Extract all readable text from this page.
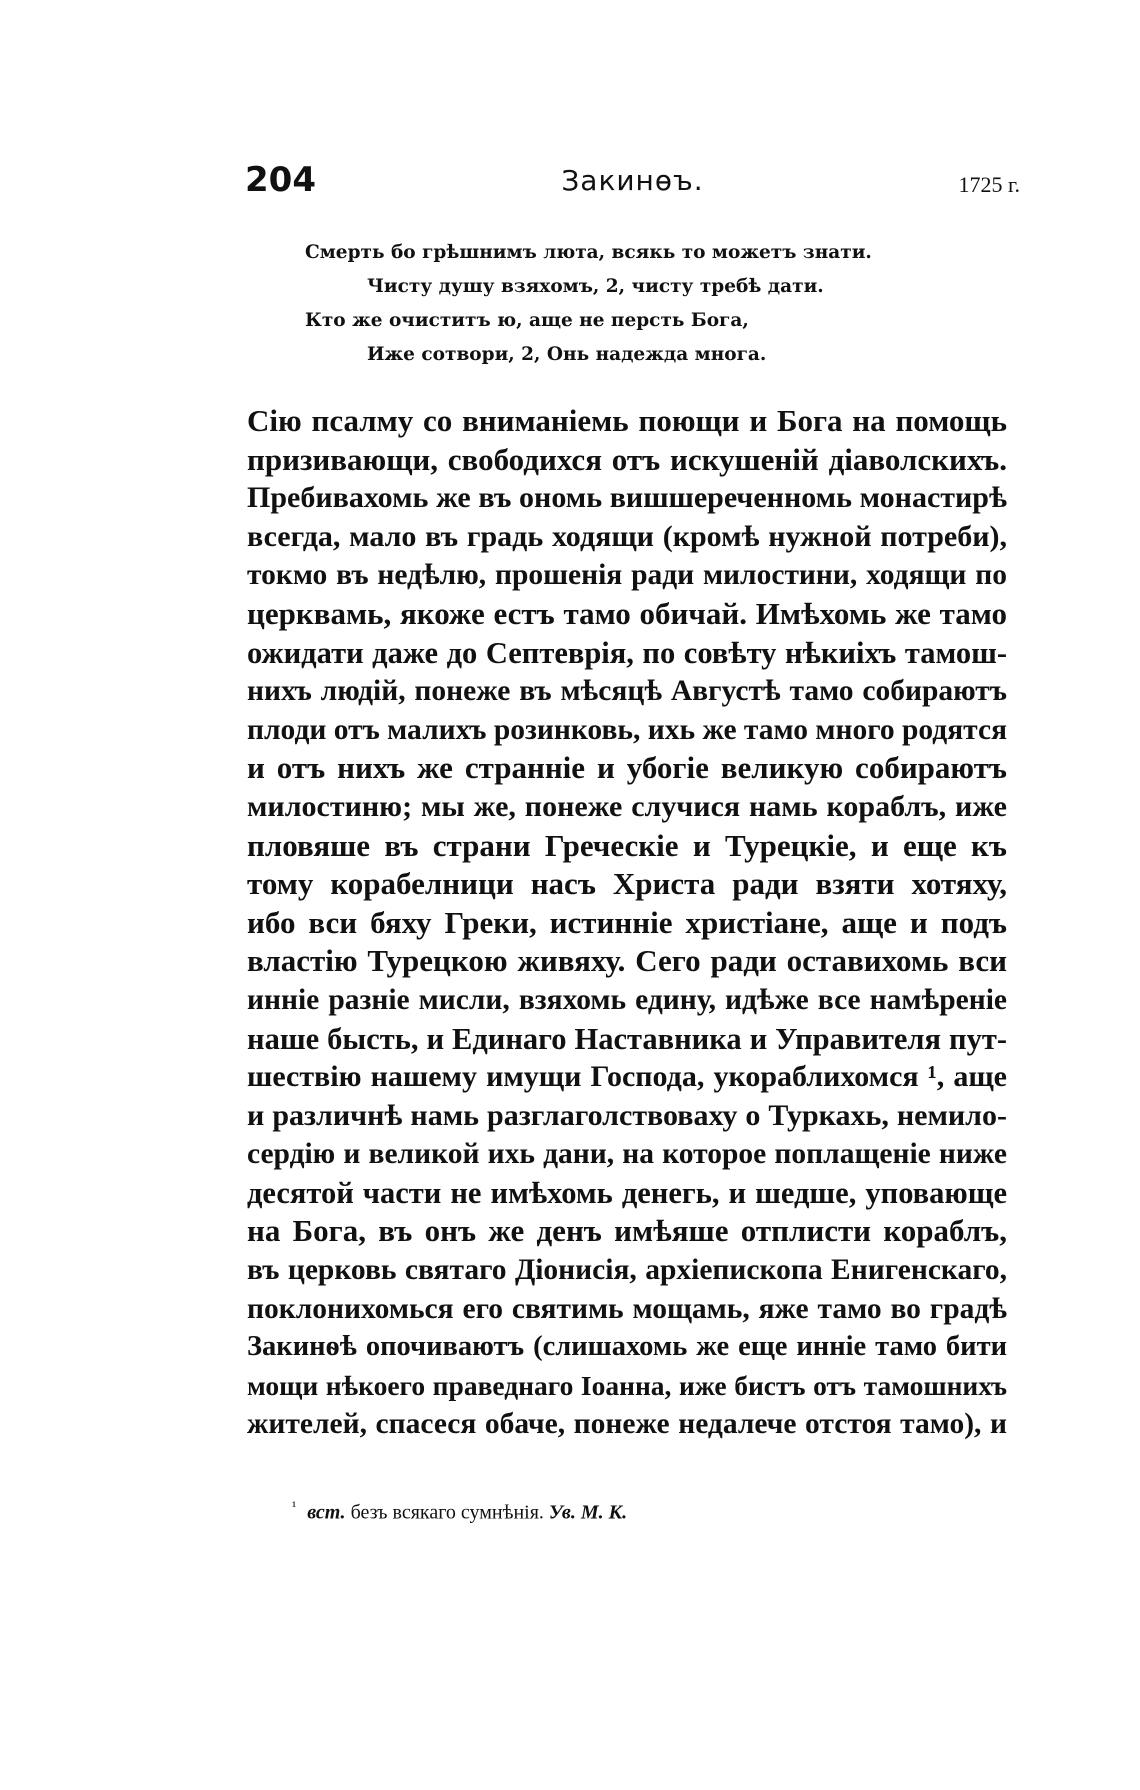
204	Закинѳъ.	1725 г.
Смерть бо грѣшнимъ люта, всякь то можетъ знати.
Чисту душу взяхомъ, 2, чисту требѣ дати.
Кто же очиститъ ю, аще не персть Бога,
Иже сотвори, 2, Онь надежда многа.
Сію псалму со вниманіемь поющи и Бога на помощь
призивающи, свободихся отъ искушеній діаволскихъ.
Пребивахомь же въ ономь вишшереченномь монастирѣ
всегда, мало въ градь ходящи (кромѣ нужной потреби),
токмо въ недѣлю, прошенія ради милостини, ходящи по
церквамь, якоже естъ тамо обичай. Имѣхомь же тамо
ожидати даже до Септеврія, по совѣту нѣкиіхъ тамош-
нихъ людій, понеже въ мѣсяцѣ Августѣ тамо собираютъ
плоди отъ малихъ розинковь, ихь же тамо много родятся
и отъ нихъ же странніе и убогіе великую собираютъ
милостиню; мы же, понеже случися намь кораблъ, иже
пловяше въ страни Греческіе и Турецкіе, и еще къ
тому корабелници насъ Христа ради взяти хотяху,
ибо вси бяху Греки, истинніе христіане, аще и подъ
властію Турецкою живяху. Сего ради оставихомь вси
инніе разніе мисли, взяхомь едину, идѣже все намѣреніе
наше бысть, и Единаго Наставника и Управителя пут-
шествію нашему имущи Господа, укораблихомся ¹, аще
и различнѣ намь разглаголствоваху о Туркахь, немило-
сердію и великой ихь дани, на которое поплащеніе ниже
десятой части не имѣхомь денегь, и шедше, уповающе
на Бога, въ онъ же денъ имѣяше отплисти кораблъ,
въ церковь святаго Діонисія, архіепископа Енигенскаго,
поклонихомься его святимь мощамь, яже тамо во градѣ
Закинѳѣ опочиваютъ (слишахомь же еще инніе тамо бити
мощи нѣкоего праведнаго Іоанна, иже бистъ отъ тамошнихъ
жителей, спасеся обаче, понеже недалече отстоя тамо), и
$^{^1}$ вст. безъ всякаго сумнѣнія. Ув. М. К.
